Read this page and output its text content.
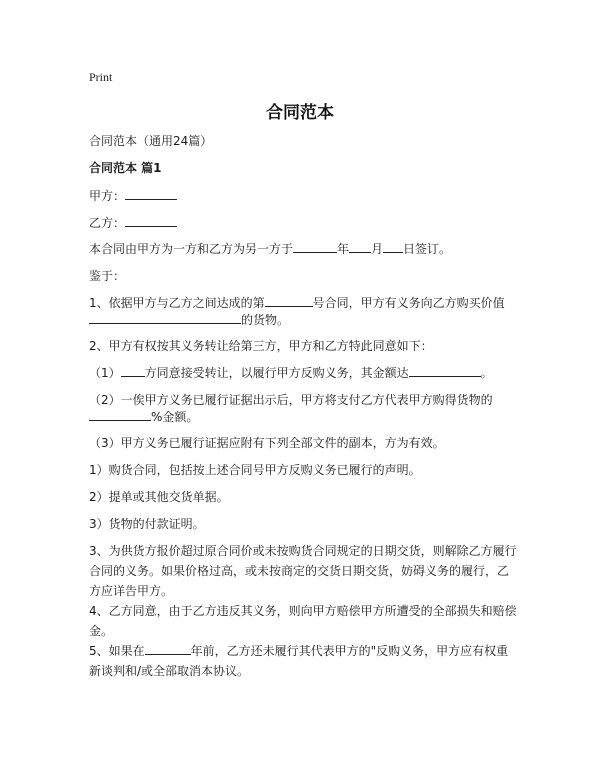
Print
合同范本
合同范本（通用24篇）
合同范本 篇1
甲方：
乙方：
本合同由甲方为一方和乙方为另一方于	年 月 日签订。
鉴于：
1、依据甲方与乙方之间达成的第	号合同，甲方有义务向乙方购买价值
的货物。
2、甲方有权按其义务转让给第三方，甲方和乙方特此同意如下：
（1） 方同意接受转让，以履行甲方反购义务，其金额达	。
（2）一俟甲方义务已履行证据出示后，甲方将支付乙方代表甲方购得货物的
%金额。
（3）甲方义务已履行证据应附有下列全部文件的副本，方为有效。
1）购货合同，包括按上述合同号甲方反购义务已履行的声明。
2）提单或其他交货单据。
3）货物的付款证明。
3、为供货方报价超过原合同价或未按购货合同规定的日期交货，则解除乙方履行合同的义务。如果价格过高，或未按商定的交货日期交货，妨碍义务的履行，乙方应详告甲方。
4、乙方同意，由于乙方违反其义务，则向甲方赔偿甲方所遭受的全部损失和赔偿金。
5、如果在	年前，乙方还未履行其代表甲方的"反购义务，甲方应有权重新谈判和/或全部取消本协议。
